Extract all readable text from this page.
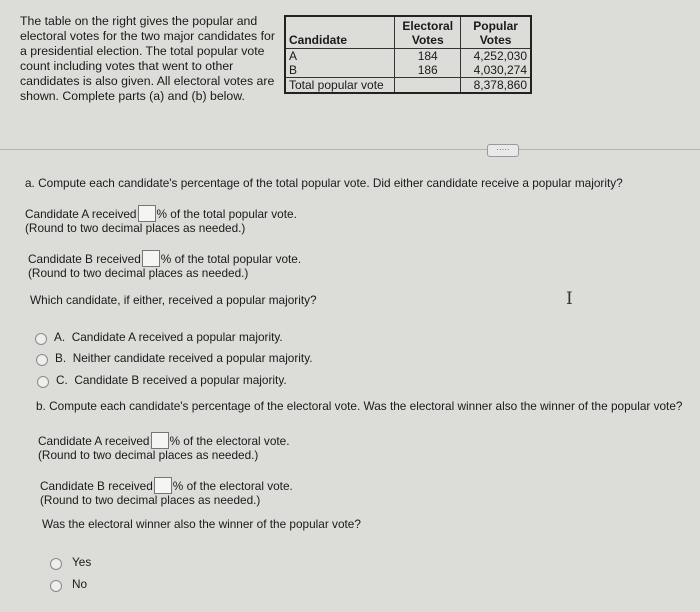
The table on the right gives the popular and electoral votes for the two major candidates for a presidential election. The total popular vote count including votes that went to other candidates is also given. All electoral votes are shown. Complete parts (a) and (b) below.
Candidate	Electoral Votes	Popular Votes
A	184	4,252,030
B	186	4,030,274
Total popular vote		8,378,860
·····
a. Compute each candidate's percentage of the total popular vote. Did either candidate receive a popular majority?
Candidate A received % of the total popular vote.
(Round to two decimal places as needed.)
Candidate B received % of the total popular vote.
(Round to two decimal places as needed.)
Which candidate, if either, received a popular majority?	I
A. Candidate A received a popular majority.
B. Neither candidate received a popular majority.
C. Candidate B received a popular majority.
b. Compute each candidate's percentage of the electoral vote. Was the electoral winner also the winner of the popular vote?
Candidate A received % of the electoral vote.
(Round to two decimal places as needed.)
Candidate B received % of the electoral vote.
(Round to two decimal places as needed.)
Was the electoral winner also the winner of the popular vote?
Yes
No
